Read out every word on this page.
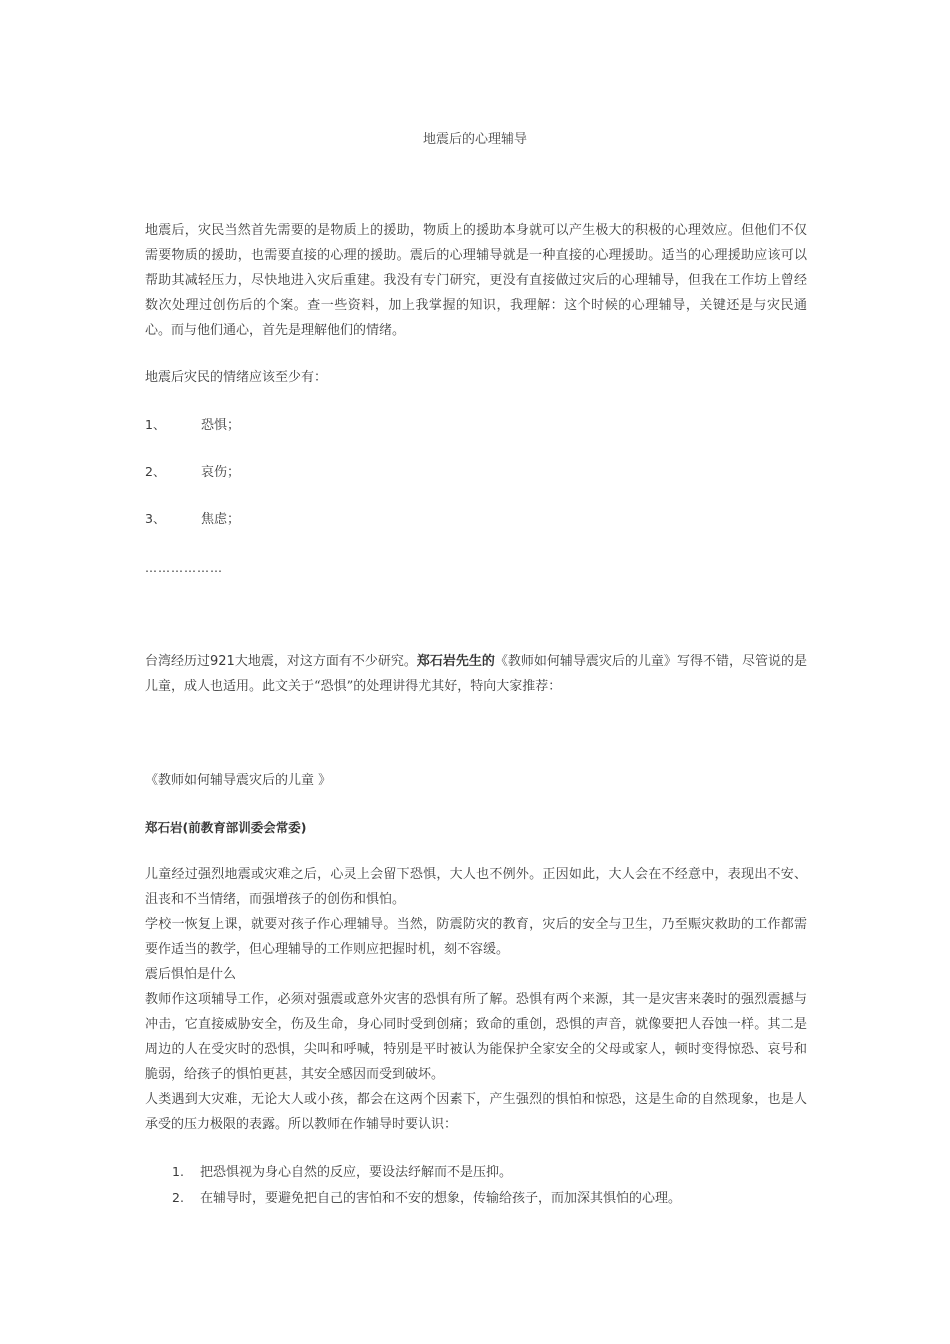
地震后的心理辅导
地震后，灾民当然首先需要的是物质上的援助，物质上的援助本身就可以产生极大的积极的心理效应。但他们不仅需要物质的援助，也需要直接的心理的援助。震后的心理辅导就是一种直接的心理援助。适当的心理援助应该可以帮助其减轻压力，尽快地进入灾后重建。我没有专门研究，更没有直接做过灾后的心理辅导，但我在工作坊上曾经数次处理过创伤后的个案。查一些资料，加上我掌握的知识，我理解：这个时候的心理辅导，关键还是与灾民通心。而与他们通心，首先是理解他们的情绪。
地震后灾民的情绪应该至少有：
1、	恐惧；
2、	哀伤；
3、	焦虑；
………………
台湾经历过921大地震，对这方面有不少研究。郑石岩先生的《教师如何辅导震灾后的儿童》写得不错，尽管说的是儿童，成人也适用。此文关于“恐惧”的处理讲得尤其好，特向大家推荐：
《教师如何辅导震灾后的儿童 》
郑石岩(前教育部训委会常委)
儿童经过强烈地震或灾难之后，心灵上会留下恐惧，大人也不例外。正因如此，大人会在不经意中，表现出不安、沮丧和不当情绪，而强增孩子的创伤和惧怕。
学校一恢复上课，就要对孩子作心理辅导。当然，防震防灾的教育，灾后的安全与卫生，乃至赈灾救助的工作都需要作适当的教学，但心理辅导的工作则应把握时机，刻不容缓。
震后惧怕是什么
教师作这项辅导工作，必须对强震或意外灾害的恐惧有所了解。恐惧有两个来源，其一是灾害来袭时的强烈震撼与冲击，它直接威胁安全，伤及生命，身心同时受到创痛；致命的重创，恐惧的声音，就像要把人吞蚀一样。其二是周边的人在受灾时的恐惧，尖叫和呼喊，特别是平时被认为能保护全家安全的父母或家人，顿时变得惊恐、哀号和脆弱，给孩子的惧怕更甚，其安全感因而受到破坏。
人类遇到大灾难，无论大人或小孩，都会在这两个因素下，产生强烈的惧怕和惊恐，这是生命的自然现象，也是人承受的压力极限的表露。所以教师在作辅导时要认识：
1. 把恐惧视为身心自然的反应，要设法纾解而不是压抑。
2. 在辅导时，要避免把自己的害怕和不安的想象，传输给孩子，而加深其惧怕的心理。
